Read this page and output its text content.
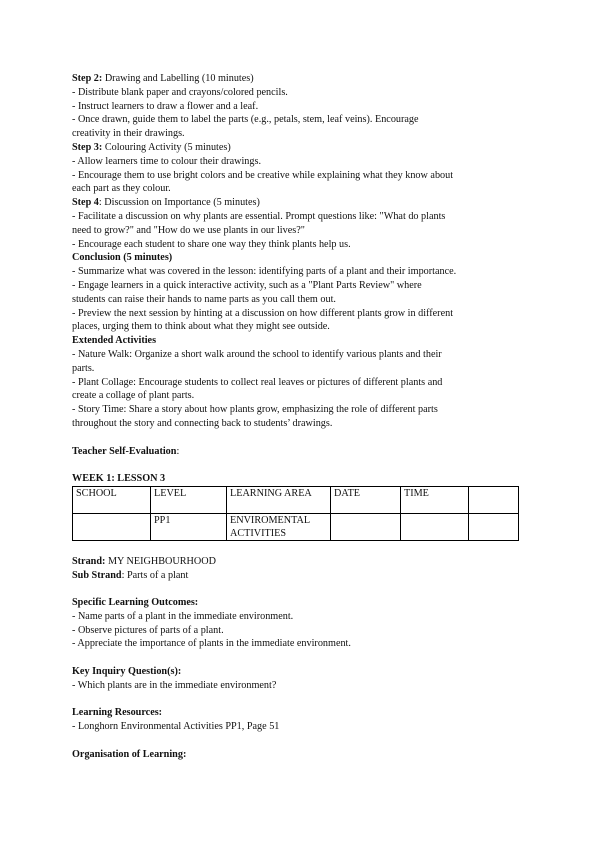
Step 2: Drawing and Labelling (10 minutes)
- Distribute blank paper and crayons/colored pencils.
- Instruct learners to draw a flower and a leaf.
- Once drawn, guide them to label the parts (e.g., petals, stem, leaf veins). Encourage
creativity in their drawings.
Step 3: Colouring Activity (5 minutes)
- Allow learners time to colour their drawings.
- Encourage them to use bright colors and be creative while explaining what they know about
each part as they colour.
Step 4: Discussion on Importance (5 minutes)
- Facilitate a discussion on why plants are essential. Prompt questions like: "What do plants
need to grow?" and "How do we use plants in our lives?"
- Encourage each student to share one way they think plants help us.
Conclusion (5 minutes)
- Summarize what was covered in the lesson: identifying parts of a plant and their importance.
- Engage learners in a quick interactive activity, such as a "Plant Parts Review" where
students can raise their hands to name parts as you call them out.
- Preview the next session by hinting at a discussion on how different plants grow in different
places, urging them to think about what they might see outside.
Extended Activities
- Nature Walk: Organize a short walk around the school to identify various plants and their
parts.
- Plant Collage: Encourage students to collect real leaves or pictures of different plants and
create a collage of plant parts.
- Story Time: Share a story about how plants grow, emphasizing the role of different parts
throughout the story and connecting back to students’ drawings.
Teacher Self-Evaluation:
WEEK 1: LESSON 3
SCHOOL	LEVEL	LEARNING AREA	DATE	TIME	
	PP1	ENVIROMENTAL ACTIVITIES			
Strand: MY NEIGHBOURHOOD
Sub Strand: Parts of a plant
Specific Learning Outcomes:
- Name parts of a plant in the immediate environment.
- Observe pictures of parts of a plant.
- Appreciate the importance of plants in the immediate environment.
Key Inquiry Question(s):
- Which plants are in the immediate environment?
Learning Resources:
- Longhorn Environmental Activities PP1, Page 51
Organisation of Learning:
